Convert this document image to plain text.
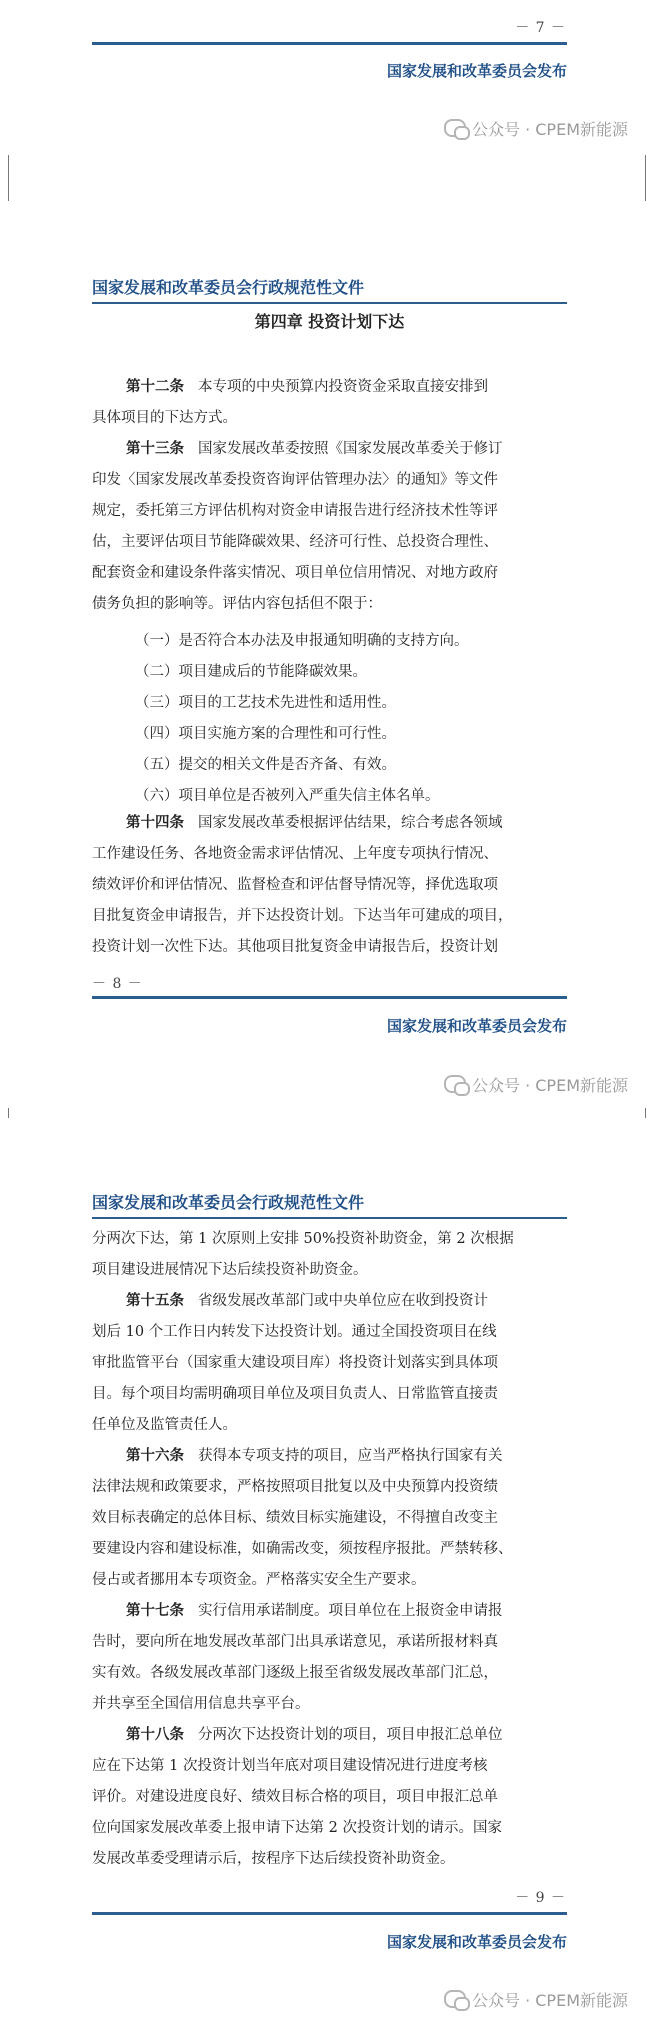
－ 7 －
国家发展和改革委员会发布
公众号 · CPEM新能源
国家发展和改革委员会行政规范性文件
第四章 投资计划下达
第十二条 本专项的中央预算内投资资金采取直接安排到
具体项目的下达方式。
第十三条 国家发展改革委按照《国家发展改革委关于修订
印发〈国家发展改革委投资咨询评估管理办法〉的通知》等文件
规定，委托第三方评估机构对资金申请报告进行经济技术性等评
估，主要评估项目节能降碳效果、经济可行性、总投资合理性、
配套资金和建设条件落实情况、项目单位信用情况、对地方政府
债务负担的影响等。评估内容包括但不限于：
（一）是否符合本办法及申报通知明确的支持方向。
（二）项目建成后的节能降碳效果。
（三）项目的工艺技术先进性和适用性。
（四）项目实施方案的合理性和可行性。
（五）提交的相关文件是否齐备、有效。
（六）项目单位是否被列入严重失信主体名单。
第十四条 国家发展改革委根据评估结果，综合考虑各领域
工作建设任务、各地资金需求评估情况、上年度专项执行情况、
绩效评价和评估情况、监督检查和评估督导情况等，择优选取项
目批复资金申请报告，并下达投资计划。下达当年可建成的项目，
投资计划一次性下达。其他项目批复资金申请报告后，投资计划
－ 8 －
国家发展和改革委员会发布
公众号 · CPEM新能源
国家发展和改革委员会行政规范性文件
分两次下达，第 1 次原则上安排 50%投资补助资金，第 2 次根据
项目建设进展情况下达后续投资补助资金。
第十五条 省级发展改革部门或中央单位应在收到投资计
划后 10 个工作日内转发下达投资计划。通过全国投资项目在线
审批监管平台（国家重大建设项目库）将投资计划落实到具体项
目。每个项目均需明确项目单位及项目负责人、日常监管直接责
任单位及监管责任人。
第十六条 获得本专项支持的项目，应当严格执行国家有关
法律法规和政策要求，严格按照项目批复以及中央预算内投资绩
效目标表确定的总体目标、绩效目标实施建设，不得擅自改变主
要建设内容和建设标准，如确需改变，须按程序报批。严禁转移、
侵占或者挪用本专项资金。严格落实安全生产要求。
第十七条 实行信用承诺制度。项目单位在上报资金申请报
告时，要向所在地发展改革部门出具承诺意见，承诺所报材料真
实有效。各级发展改革部门逐级上报至省级发展改革部门汇总，
并共享至全国信用信息共享平台。
第十八条 分两次下达投资计划的项目，项目申报汇总单位
应在下达第 1 次投资计划当年底对项目建设情况进行进度考核
评价。对建设进度良好、绩效目标合格的项目，项目申报汇总单
位向国家发展改革委上报申请下达第 2 次投资计划的请示。国家
发展改革委受理请示后，按程序下达后续投资补助资金。
－ 9 －
国家发展和改革委员会发布
公众号 · CPEM新能源
